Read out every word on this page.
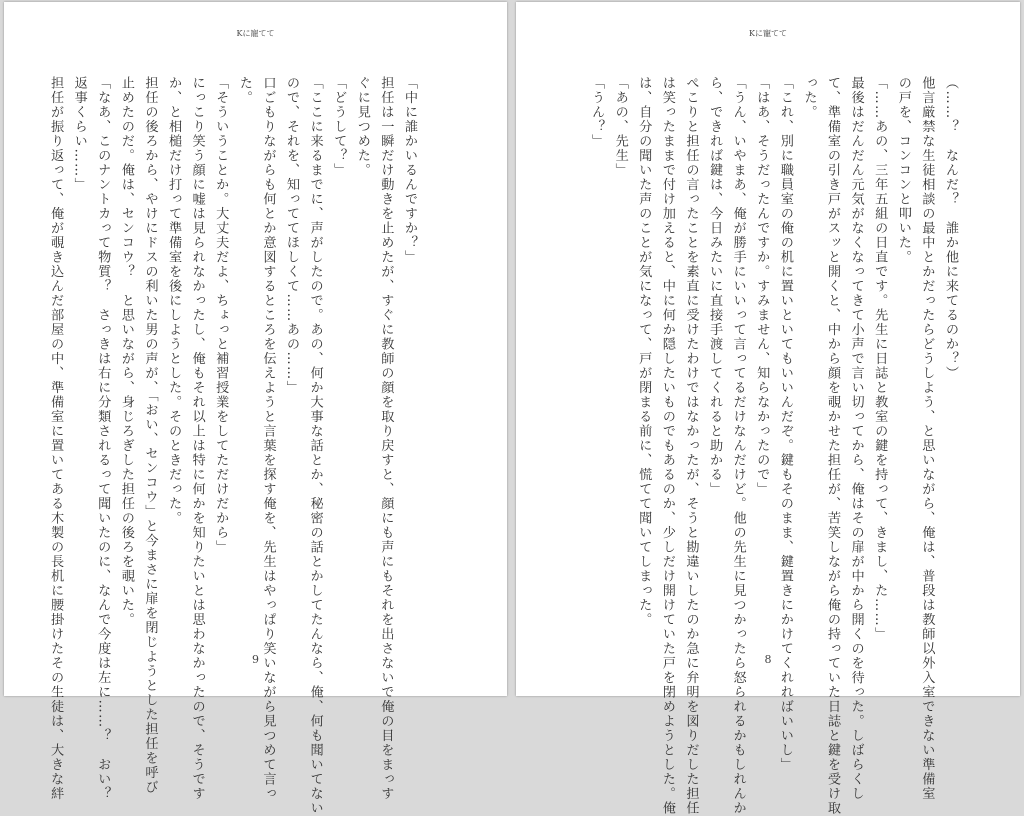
Kに寵てて
「中に誰かいるんですか？」
担任は一瞬だけ動きを止めたが、すぐに教師の顔を取り戻すと、顔にも声にもそれを出さないで俺の目をまっす
ぐに見つめた。
「どうして？」
「ここに来るまでに、声がしたので。あの、何か大事な話とか、秘密の話とかしてたんなら、俺、何も聞いてない
ので、それを、知っててほしくて……あの……」
口ごもりながらも何とか意図するところを伝えようと言葉を探す俺を、先生はやっぱり笑いながら見つめて言っ
た。
「そういうことか。大丈夫だよ、ちょっと補習授業をしてただけだから」
にっこり笑う顔に嘘は見られなかったし、俺もそれ以上は特に何かを知りたいとは思わなかったので、そうです
か、と相槌だけ打って準備室を後にしようとした。そのときだった。
担任の後ろから、やけにドスの利いた男の声が、「おい、センコウ」と今まさに扉を閉じようとした担任を呼び
止めたのだ。俺は、センコウ？　と思いながら、身じろぎした担任の後ろを覗いた。
「なあ、このナントカって物質？　さっきは右に分類されるって聞いたのに、なんで今度は左に……？　おい？
返事くらい……」
担任が振り返って、俺が覗き込んだ部屋の中、準備室に置いてある木製の長机に腰掛けたその生徒は、大きな絆	9
Kに寵てて
（……？　なんだ？　誰か他に来てるのか？）
他言厳禁な生徒相談の最中とかだったらどうしよう、と思いながら、俺は、普段は教師以外入室できない準備室
の戸を、コンコンと叩いた。
「……あの、三年五組の日直です。先生に日誌と教室の鍵を持って、きまし、た……」
最後はだんだん元気がなくなってきて小声で言い切ってから、俺はその扉が中から開くのを待った。しばらくし
て、準備室の引き戸がスッと開くと、中から顔を覗かせた担任が、苦笑しながら俺の持っていた日誌と鍵を受け取
った。
「これ、別に職員室の俺の机に置いといてもいいんだぞ。鍵もそのまま、鍵置きにかけてくれればいいし」
「はあ、そうだったんですか。すみません、知らなかったので」
「うん、いやまあ、俺が勝手にいいって言ってるだけなんだけど。他の先生に見つかったら怒られるかもしれんか
ら、できれば鍵は、今日みたいに直接手渡してくれると助かる」
ぺこりと担任の言ったことを素直に受けたわけではなかったが、そうと勘違いしたのか急に弁明を図りだした担任
は笑ったままで付け加えると、中に何か隠したいものでもあるのか、少しだけ開けていた戸を閉めようとした。俺
は、自分の聞いた声のことが気になって、戸が閉まる前に、慌てて聞いてしまった。
「あの、先生」
「うん？」
8
